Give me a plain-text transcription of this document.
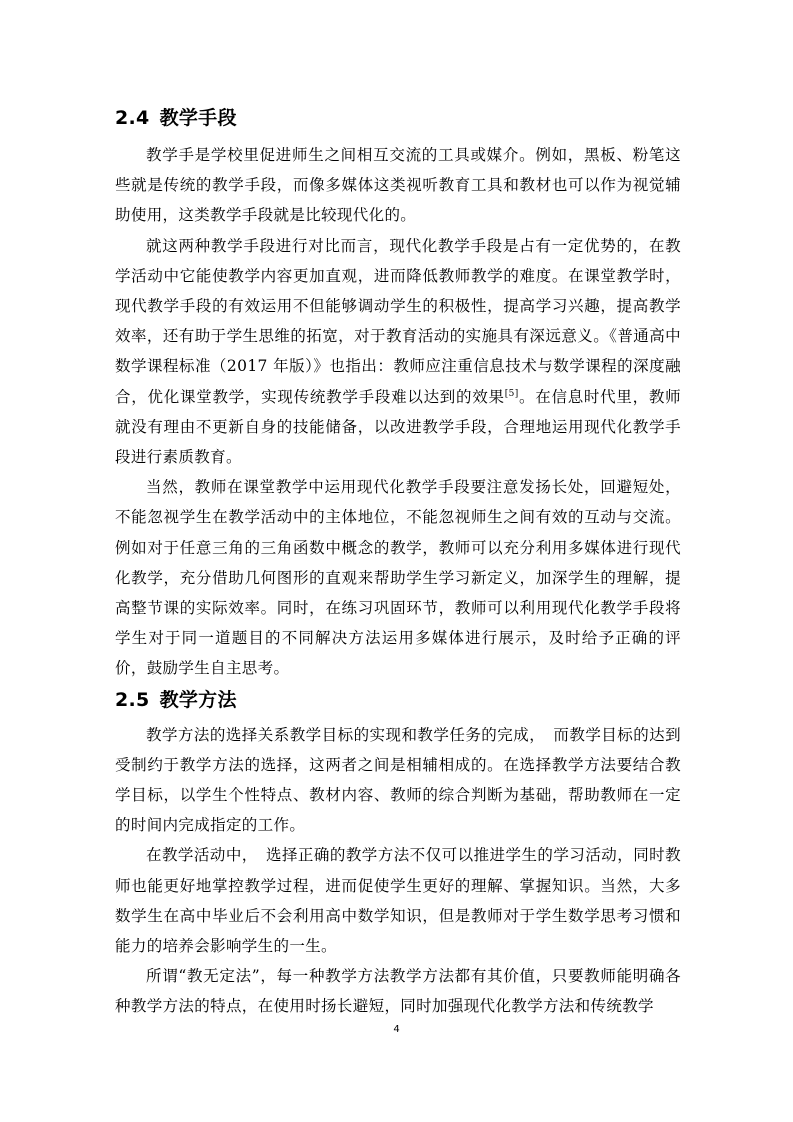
2.4 教学手段

教学手是学校里促进师生之间相互交流的工具或媒介。例如，黑板、粉笔这些就是传统的教学手段，而像多媒体这类视听教育工具和教材也可以作为视觉辅助使用，这类教学手段就是比较现代化的。

就这两种教学手段进行对比而言，现代化教学手段是占有一定优势的，在教学活动中它能使教学内容更加直观，进而降低教师教学的难度。在课堂教学时，现代教学手段的有效运用不但能够调动学生的积极性，提高学习兴趣，提高教学效率，还有助于学生思维的拓宽，对于教育活动的实施具有深远意义。《普通高中数学课程标准（2017 年版）》也指出：教师应注重信息技术与数学课程的深度融合，优化课堂教学，实现传统教学手段难以达到的效果[5]。在信息时代里，教师就没有理由不更新自身的技能储备，以改进教学手段，合理地运用现代化教学手段进行素质教育。

当然，教师在课堂教学中运用现代化教学手段要注意发扬长处，回避短处，不能忽视学生在教学活动中的主体地位，不能忽视师生之间有效的互动与交流。例如对于任意三角的三角函数中概念的教学，教师可以充分利用多媒体进行现代化教学，充分借助几何图形的直观来帮助学生学习新定义，加深学生的理解，提高整节课的实际效率。同时，在练习巩固环节，教师可以利用现代化教学手段将学生对于同一道题目的不同解决方法运用多媒体进行展示，及时给予正确的评价，鼓励学生自主思考。

2.5 教学方法

教学方法的选择关系教学目标的实现和教学任务的完成，　而教学目标的达到受制约于教学方法的选择，这两者之间是相辅相成的。在选择教学方法要结合教学目标，以学生个性特点、教材内容、教师的综合判断为基础，帮助教师在一定的时间内完成指定的工作。

在教学活动中，　选择正确的教学方法不仅可以推进学生的学习活动，同时教师也能更好地掌控教学过程，进而促使学生更好的理解、掌握知识。当然，大多数学生在高中毕业后不会利用高中数学知识，但是教师对于学生数学思考习惯和能力的培养会影响学生的一生。

所谓“教无定法”，每一种教学方法教学方法都有其价值，只要教师能明确各种教学方法的特点，在使用时扬长避短，同时加强现代化教学方法和传统教学

4
